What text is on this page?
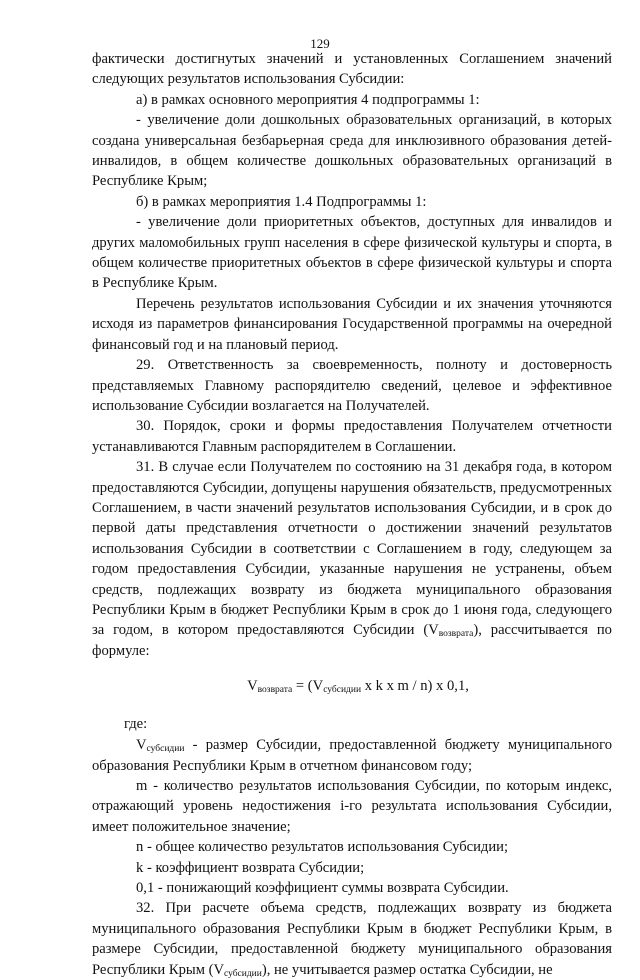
129

фактически достигнутых значений и установленных Соглашением значений следующих результатов использования Субсидии:

а) в рамках основного мероприятия 4 подпрограммы 1:

- увеличение доли дошкольных образовательных организаций, в которых создана универсальная безбарьерная среда для инклюзивного образования детей-инвалидов, в общем количестве дошкольных образовательных организаций в Республике Крым;

б) в рамках мероприятия 1.4 Подпрограммы 1:

- увеличение доли приоритетных объектов, доступных для инвалидов и других маломобильных групп населения в сфере физической культуры и спорта, в общем количестве приоритетных объектов в сфере физической культуры и спорта в Республике Крым.

Перечень результатов использования Субсидии и их значения уточняются исходя из параметров финансирования Государственной программы на очередной финансовый год и на плановый период.

29. Ответственность за своевременность, полноту и достоверность представляемых Главному распорядителю сведений, целевое и эффективное использование Субсидии возлагается на Получателей.

30. Порядок, сроки и формы предоставления Получателем отчетности устанавливаются Главным распорядителем в Соглашении.

31. В случае если Получателем по состоянию на 31 декабря года, в котором предоставляются Субсидии, допущены нарушения обязательств, предусмотренных Соглашением, в части значений результатов использования Субсидии, и в срок до первой даты представления отчетности о достижении значений результатов использования Субсидии в соответствии с Соглашением в году, следующем за годом предоставления Субсидии, указанные нарушения не устранены, объем средств, подлежащих возврату из бюджета муниципального образования Республики Крым в бюджет Республики Крым в срок до 1 июня года, следующего за годом, в котором предоставляются Субсидии $(V_{возврата})$, рассчитывается по формуле:

$V_{возврата} = (V_{субсидии}$ x k x m / n) x 0,1,

где:

$V_{субсидии}$ - размер Субсидии, предоставленной бюджету муниципального образования Республики Крым в отчетном финансовом году;

m - количество результатов использования Субсидии, по которым индекс, отражающий уровень недостижения i-го результата использования Субсидии, имеет положительное значение;

n - общее количество результатов использования Субсидии;

k - коэффициент возврата Субсидии;

0,1 - понижающий коэффициент суммы возврата Субсидии.

32. При расчете объема средств, подлежащих возврату из бюджета муниципального образования Республики Крым в бюджет Республики Крым, в размере Субсидии, предоставленной бюджету муниципального образования Республики Крым $(V_{субсидии})$, не учитывается размер остатка Субсидии, не
